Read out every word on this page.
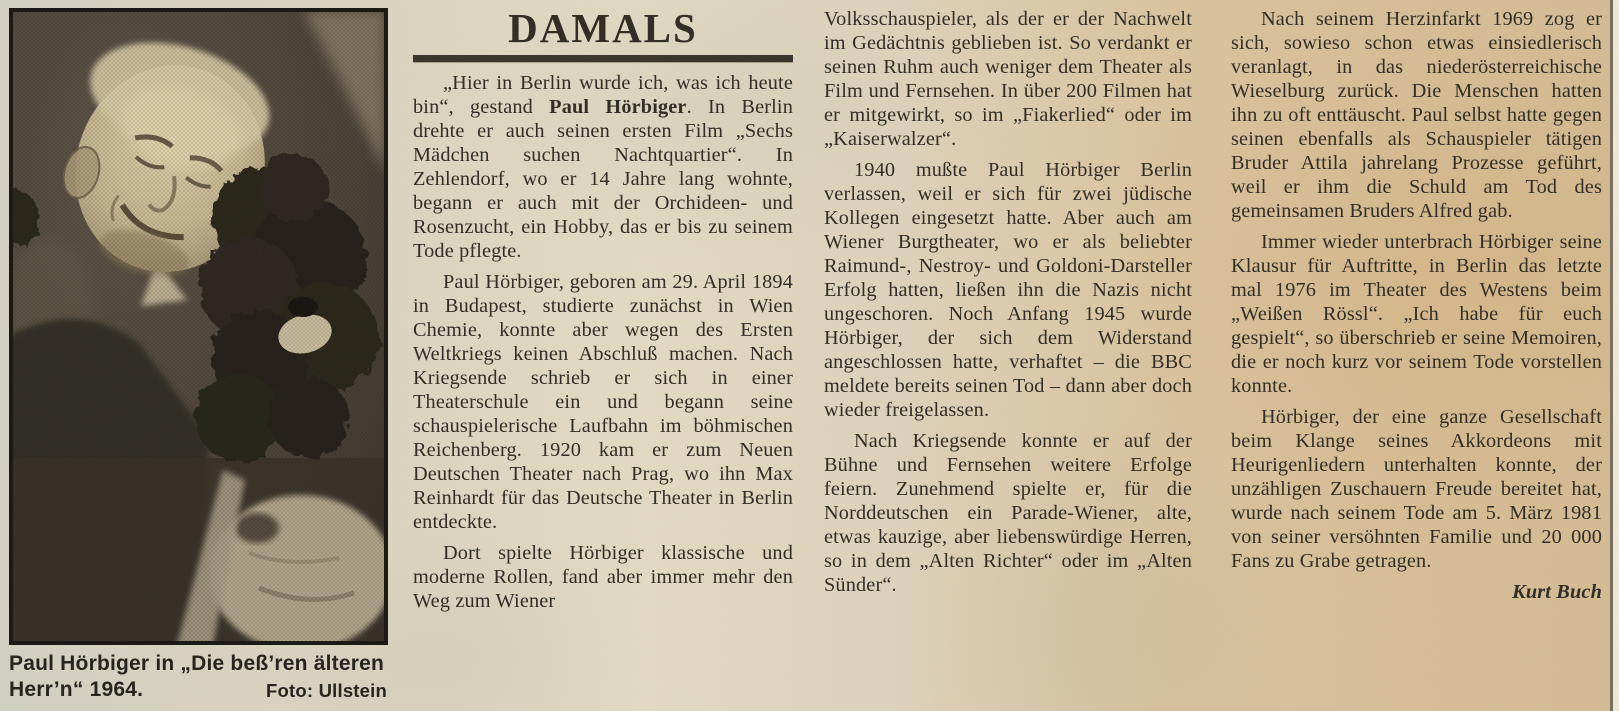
Paul Hörbiger in „Die beß’ren älteren Herr’n“ 1964.	Foto: Ullstein
DAMALS

„Hier in Berlin wurde ich, was ich heute bin“, gestand Paul Hörbiger. In Berlin drehte er auch seinen ersten Film „Sechs Mädchen suchen Nachtquartier“. In Zehlendorf, wo er 14 Jahre lang wohnte, begann er auch mit der Orchideen- und Rosenzucht, ein Hobby, das er bis zu seinem Tode pflegte.

Paul Hörbiger, geboren am 29. April 1894 in Budapest, studierte zunächst in Wien Chemie, konnte aber wegen des Ersten Weltkriegs keinen Abschluß machen. Nach Kriegsende schrieb er sich in einer Theaterschule ein und begann seine schauspielerische Laufbahn im böhmischen Reichenberg. 1920 kam er zum Neuen Deutschen Theater nach Prag, wo ihn Max Reinhardt für das Deutsche Theater in Berlin entdeckte.

Dort spielte Hörbiger klassische und moderne Rollen, fand aber immer mehr den Weg zum Wiener

Volksschauspieler, als der er der Nachwelt im Gedächtnis geblieben ist. So verdankt er seinen Ruhm auch weniger dem Theater als Film und Fernsehen. In über 200 Filmen hat er mitgewirkt, so im „Fiakerlied“ oder im „Kaiserwalzer“.

1940 mußte Paul Hörbiger Berlin verlassen, weil er sich für zwei jüdische Kollegen eingesetzt hatte. Aber auch am Wiener Burgtheater, wo er als beliebter Raimund-, Nestroy- und Goldoni-Darsteller Erfolg hatten, ließen ihn die Nazis nicht ungeschoren. Noch Anfang 1945 wurde Hörbiger, der sich dem Widerstand angeschlossen hatte, verhaftet – die BBC meldete bereits seinen Tod – dann aber doch wieder freigelassen.

Nach Kriegsende konnte er auf der Bühne und Fernsehen weitere Erfolge feiern. Zunehmend spielte er, für die Norddeutschen ein Parade-Wiener, alte, etwas kauzige, aber liebenswürdige Herren, so in dem „Alten Richter“ oder im „Alten Sünder“.

Nach seinem Herzinfarkt 1969 zog er sich, sowieso schon etwas einsiedlerisch veranlagt, in das niederösterreichische Wieselburg zurück. Die Menschen hatten ihn zu oft enttäuscht. Paul selbst hatte gegen seinen ebenfalls als Schauspieler tätigen Bruder Attila jahrelang Prozesse geführt, weil er ihm die Schuld am Tod des gemeinsamen Bruders Alfred gab.

Immer wieder unterbrach Hörbiger seine Klausur für Auftritte, in Berlin das letzte mal 1976 im Theater des Westens beim „Weißen Rössl“. „Ich habe für euch gespielt“, so überschrieb er seine Memoiren, die er noch kurz vor seinem Tode vorstellen konnte.

Hörbiger, der eine ganze Gesellschaft beim Klange seines Akkordeons mit Heurigenliedern unterhalten konnte, der unzähligen Zuschauern Freude bereitet hat, wurde nach seinem Tode am 5. März 1981 von seiner versöhnten Familie und 20 000 Fans zu Grabe getragen.

Kurt Buch
